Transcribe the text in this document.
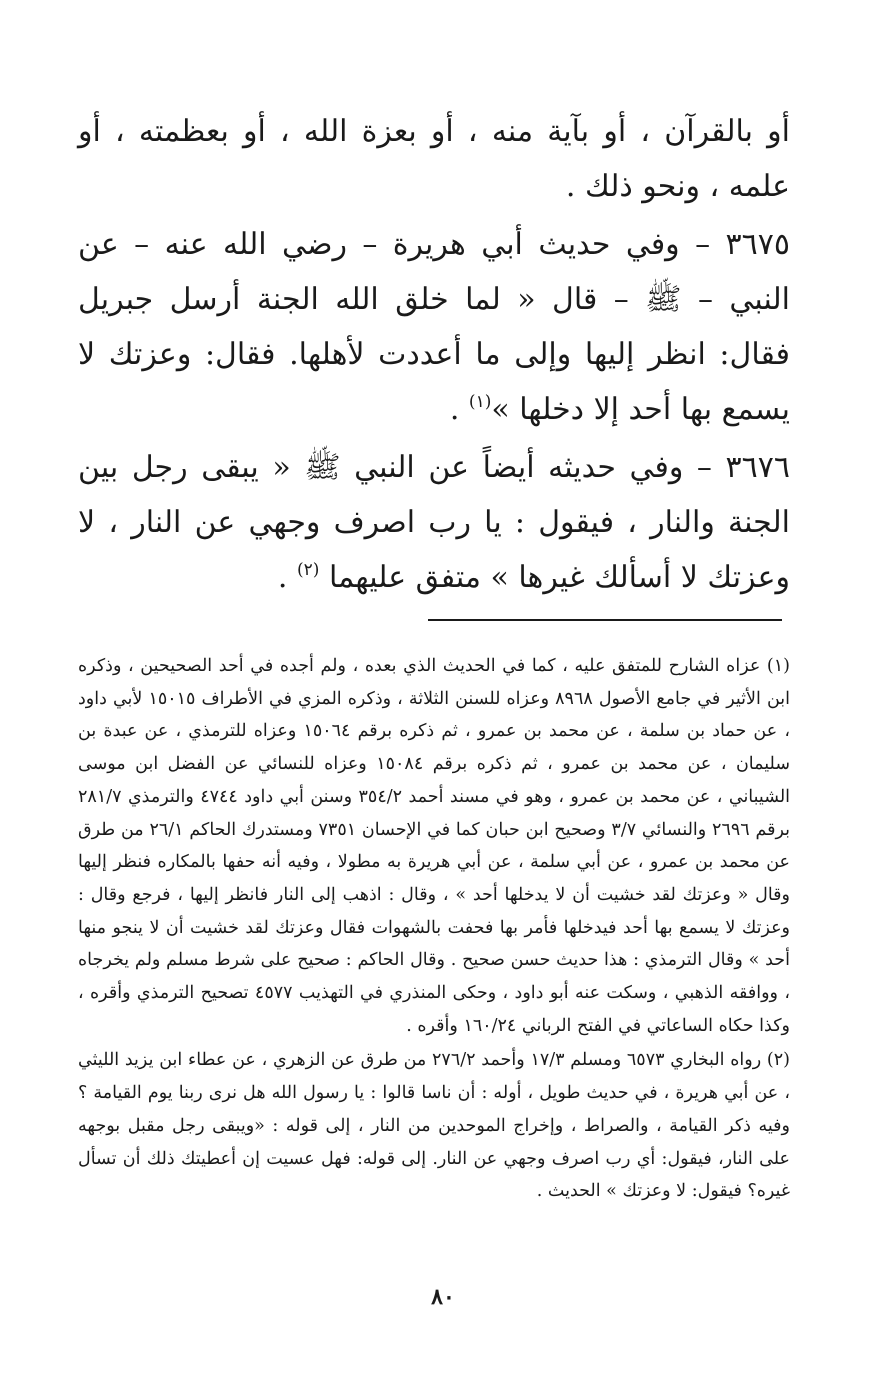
أو بالقرآن ، أو بآية منه ، أو بعزة الله ، أو بعظمته ، أو علمه ، ونحو ذلك .

٣٦٧٥ – وفي حديث أبي هريرة – رضي الله عنه – عن النبي – ﷺ – قال « لما خلق الله الجنة أرسل جبريل فقال: انظر إليها وإلى ما أعددت لأهلها. فقال: وعزتك لا يسمع بها أحد إلا دخلها »$^{(١)}$ .

٣٦٧٦ – وفي حديثه أيضاً عن النبي ﷺ « يبقى رجل بين الجنة والنار ، فيقول : يا رب اصرف وجهي عن النار ، لا وعزتك لا أسألك غيرها » متفق عليهما $^{(٢)}$ .

(١) عزاه الشارح للمتفق عليه ، كما في الحديث الذي بعده ، ولم أجده في أحد الصحيحين ، وذكره ابن الأثير في جامع الأصول ٨٩٦٨ وعزاه للسنن الثلاثة ، وذكره المزي في الأطراف ١٥٠١٥ لأبي داود ، عن حماد بن سلمة ، عن محمد بن عمرو ، ثم ذكره برقم ١٥٠٦٤ وعزاه للترمذي ، عن عبدة بن سليمان ، عن محمد بن عمرو ، ثم ذكره برقم ١٥٠٨٤ وعزاه للنسائي عن الفضل ابن موسى الشيباني ، عن محمد بن عمرو ، وهو في مسند أحمد ٣٥٤/٢ وسنن أبي داود ٤٧٤٤ والترمذي ٢٨١/٧ برقم ٢٦٩٦ والنسائي ٣/٧ وصحيح ابن حبان كما في الإحسان ٧٣٥١ ومستدرك الحاكم ٢٦/١ من طرق عن محمد بن عمرو ، عن أبي سلمة ، عن أبي هريرة به مطولا ، وفيه أنه حفها بالمكاره فنظر إليها وقال « وعزتك لقد خشيت أن لا يدخلها أحد » ، وقال : اذهب إلى النار فانظر إليها ، فرجع وقال : وعزتك لا يسمع بها أحد فيدخلها فأمر بها فحفت بالشهوات فقال وعزتك لقد خشيت أن لا ينجو منها أحد » وقال الترمذي : هذا حديث حسن صحيح . وقال الحاكم : صحيح على شرط مسلم ولم يخرجاه ، ووافقه الذهبي ، وسكت عنه أبو داود ، وحكى المنذري في التهذيب ٤٥٧٧ تصحيح الترمذي وأقره ، وكذا حكاه الساعاتي في الفتح الرباني ١٦٠/٢٤ وأقره .

(٢) رواه البخاري ٦٥٧٣ ومسلم ١٧/٣ وأحمد ٢٧٦/٢ من طرق عن الزهري ، عن عطاء ابن يزيد الليثي ، عن أبي هريرة ، في حديث طويل ، أوله : أن ناسا قالوا : يا رسول الله هل نرى ربنا يوم القيامة ؟ وفيه ذكر القيامة ، والصراط ، وإخراج الموحدين من النار ، إلى قوله : «ويبقى رجل مقبل بوجهه على النار، فيقول: أي رب اصرف وجهي عن النار. إلى قوله: فهل عسيت إن أعطيتك ذلك أن تسأل غيره؟ فيقول: لا وعزتك » الحديث .

٨٠
